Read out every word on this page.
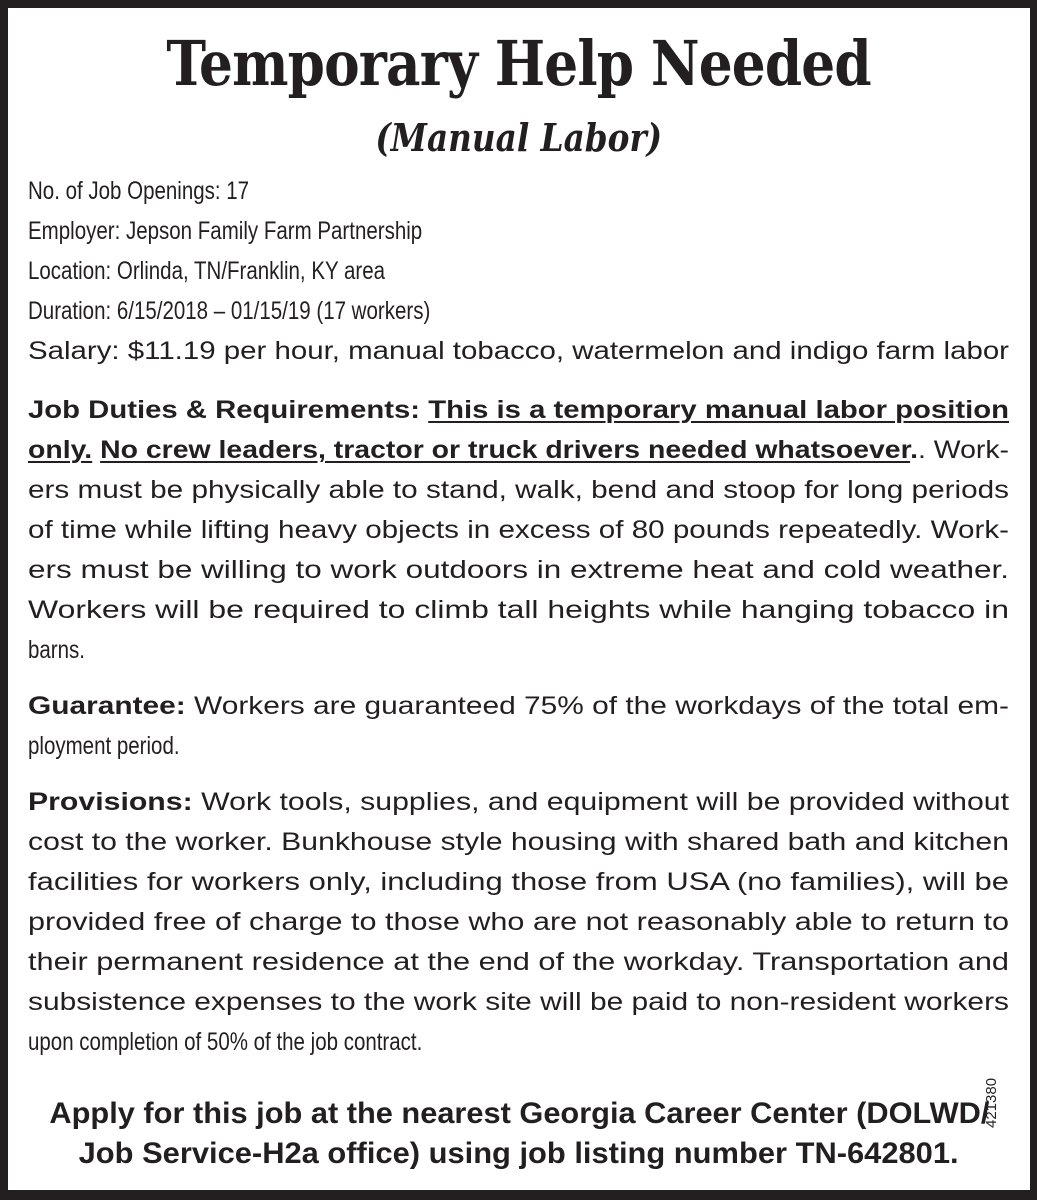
Temporary Help Needed
(Manual Labor)
No. of Job Openings: 17
Employer: Jepson Family Farm Partnership
Location: Orlinda, TN/Franklin, KY area
Duration: 6/15/2018 – 01/15/19 (17 workers)
Salary: $11.19 per hour, manual tobacco, watermelon and indigo farm labor
Job Duties & Requirements: This is a temporary manual labor position
only. No crew leaders, tractor or truck drivers needed whatsoever.. Work-
ers must be physically able to stand, walk, bend and stoop for long periods
of time while lifting heavy objects in excess of 80 pounds repeatedly. Work-
ers must be willing to work outdoors in extreme heat and cold weather.
Workers will be required to climb tall heights while hanging tobacco in
barns.
Guarantee: Workers are guaranteed 75% of the workdays of the total em-
ployment period.
Provisions: Work tools, supplies, and equipment will be provided without
cost to the worker. Bunkhouse style housing with shared bath and kitchen
facilities for workers only, including those from USA (no families), will be
provided free of charge to those who are not reasonably able to return to
their permanent residence at the end of the workday. Transportation and
subsistence expenses to the work site will be paid to non-resident workers
upon completion of 50% of the job contract.
Apply for this job at the nearest Georgia Career Center (DOLWD/
Job Service-H2a office) using job listing number TN-642801.
421380
